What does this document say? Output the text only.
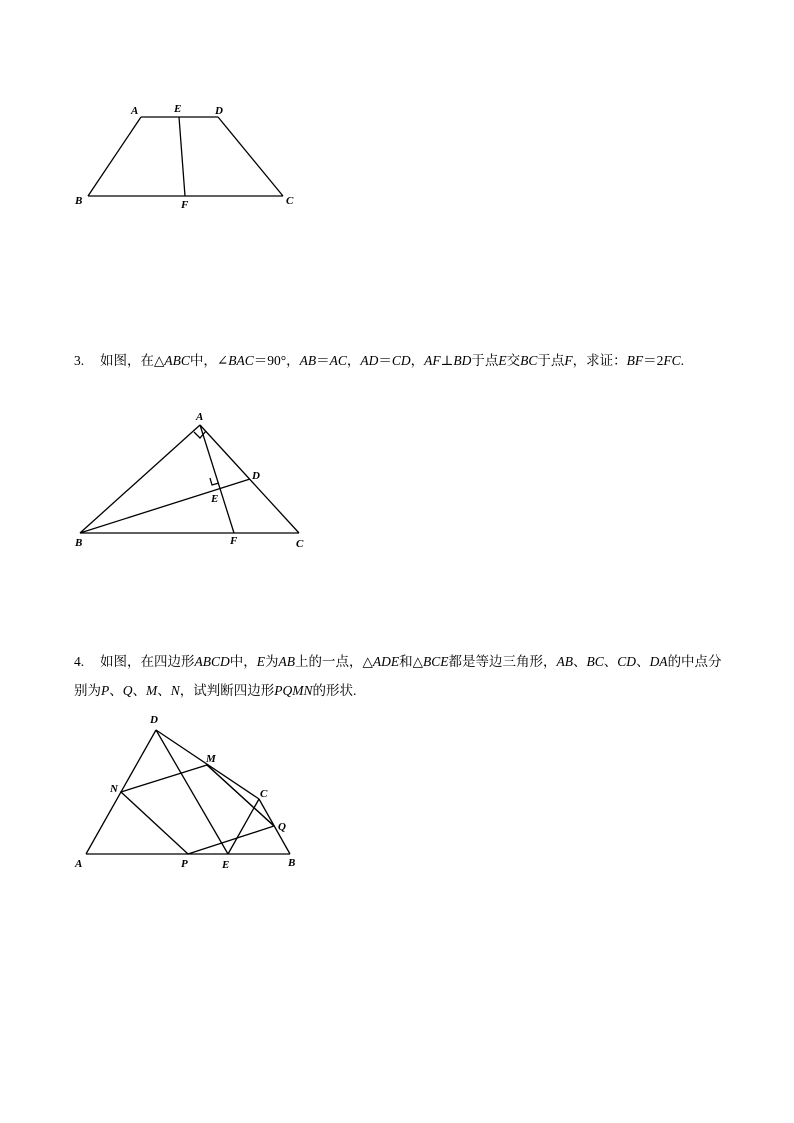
A	E	D
B	F	C
3. 如图，在△ABC中，∠BAC＝90°，AB＝AC，AD＝CD，AF⊥BD于点E交BC于点F，求证：BF＝2FC.
A
D
E
B	F	C
4. 如图，在四边形ABCD中，E为AB上的一点，△ADE和△BCE都是等边三角形，AB、BC、CD、DA的中点分别为P、Q、M、N，试判断四边形PQMN的形状.
D
M
N	C
Q
A	P	E	B
